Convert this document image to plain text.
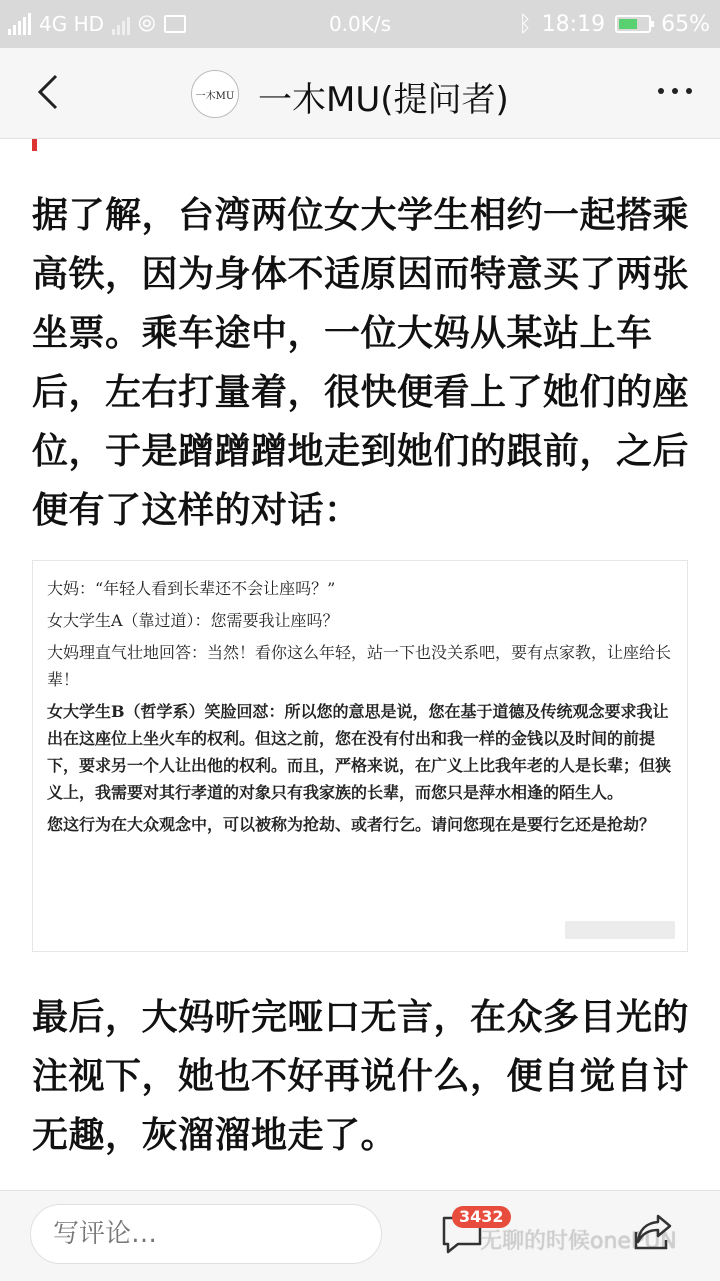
4G HD ⦾	0.0K/s	ᛒ 18:19	65%
一木MU 一木MU(提问者)
据了解，台湾两位女大学生相约一起搭乘高铁，因为身体不适原因而特意买了两张坐票。乘车途中，一位大妈从某站上车后，左右打量着，很快便看上了她们的座位，于是蹭蹭蹭地走到她们的跟前，之后便有了这样的对话：

大妈：“年轻人看到长辈还不会让座吗？”

女大学生A（靠过道）：您需要我让座吗？

大妈理直气壮地回答：当然！看你这么年轻，站一下也没关系吧，要有点家教，让座给长辈！

女大学生B（哲学系）笑脸回怼：所以您的意思是说，您在基于道德及传统观念要求我让出在这座位上坐火车的权利。但这之前，您在没有付出和我一样的金钱以及时间的前提下，要求另一个人让出他的权利。而且，严格来说，在广义上比我年老的人是长辈；但狭义上，我需要对其行孝道的对象只有我家族的长辈，而您只是萍水相逢的陌生人。

您这行为在大众观念中，可以被称为抢劫、或者行乞。请问您现在是要行乞还是抢劫？

最后，大妈听完哑口无言，在众多目光的注视下，她也不好再说什么，便自觉自讨无趣，灰溜溜地走了。
写评论…
3432
无聊的时候onePUN
